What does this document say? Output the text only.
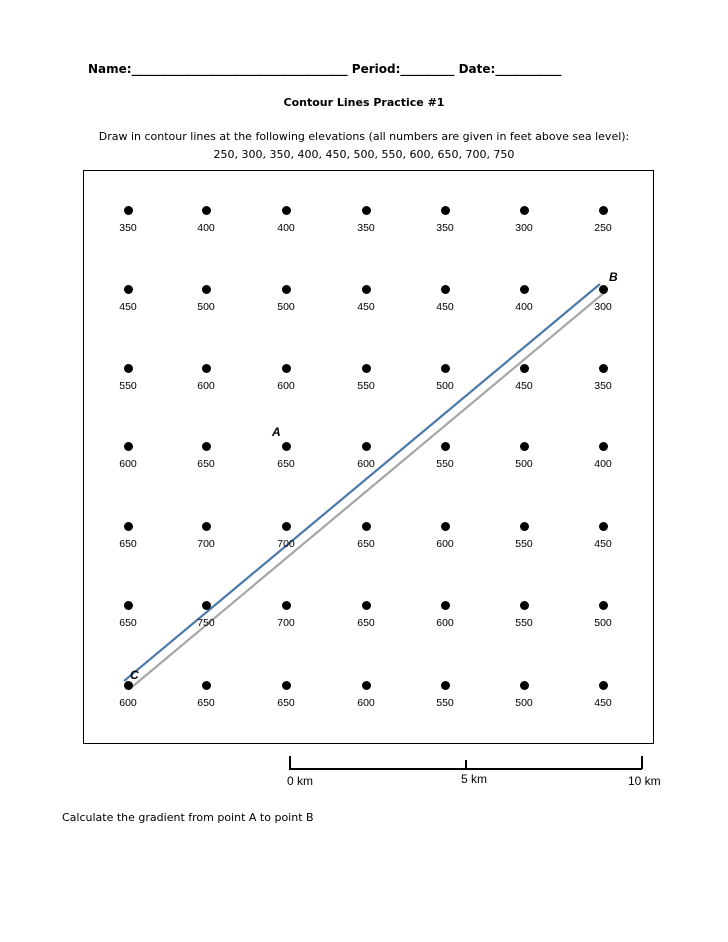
Name:____________________________________ Period:_________ Date:___________
Contour Lines Practice #1
Draw in contour lines at the following elevations (all numbers are given in feet above sea level):
250, 300, 350, 400, 450, 500, 550, 600, 650, 700, 750
350	400	400	350	350	300	250
450	500	500	450	450	400	300
550	600	600	550	500	450	350
600	650	650	600	550	500	400
650	700	700	650	600	550	450
650	750	700	650	600	550	500
600	650	650	600	550	500	450
A
B
C
0 km	5 km	10 km
Calculate the gradient from point A to point B
